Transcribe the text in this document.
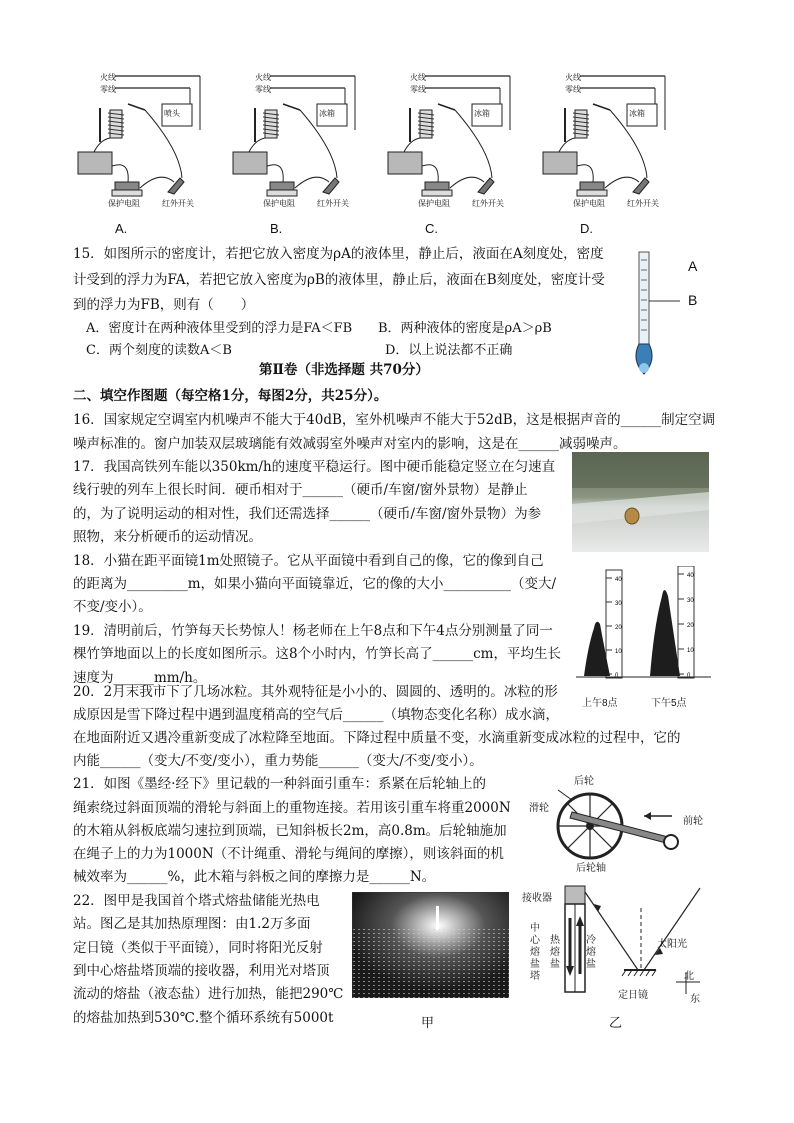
火线
零线
喷头
保护电阻	红外开关
A.
火线
零线
冰箱
保护电阻	红外开关
B.
火线
零线
冰箱
保护电阻	红外开关
C.
火线
零线
冰箱
保护电阻	红外开关
D.
15．如图所示的密度计，若把它放入密度为ρA的液体里，静止后，液面在A刻度处，密度
计受到的浮力为FA，若把它放入密度为ρB的液体里，静止后，液面在B刻度处，密度计受
到的浮力为FB，则有（　　）
A．密度计在两种液体里受到的浮力是FA＜FB B．两种液体的密度是ρA＞ρB
C．两个刻度的读数A＜B	D．以上说法都不正确
A
B
第Ⅱ卷（非选择题 共70分）
二、填空作图题（每空格1分，每图2分，共25分）。
16．国家规定空调室内机噪声不能大于40dB，室外机噪声不能大于52dB，这是根据声音的______制定空调
噪声标准的。窗户加装双层玻璃能有效减弱室外噪声对室内的影响，这是在______减弱噪声。
17．我国高铁列车能以350km/h的速度平稳运行。图中硬币能稳定竖立在匀速直
线行驶的列车上很长时间．硬币相对于______（硬币/车窗/窗外景物）是静止
的，为了说明运动的相对性，我们还需选择______（硬币/车窗/窗外景物）为参
照物，来分析硬币的运动情况。
18．小猫在距平面镜1m处照镜子。它从平面镜中看到自己的像，它的像到自己
的距离为_________m，如果小猫向平面镜靠近，它的像的大小__________（变大/
不变/变小）。
19．清明前后，竹笋每天长势惊人！杨老师在上午8点和下午4点分别测量了同一
棵竹笋地面以上的长度如图所示。这8个小时内，竹笋长高了______cm，平均生长
速度为______mm/h。	0
10
20
30
40
0
10
20
30
40
上午8点	下午5点
20．2月末我市下了几场冰粒。其外观特征是小小的、圆圆的、透明的。冰粒的形
成原因是雪下降过程中遇到温度稍高的空气后______（填物态变化名称）成水滴，
在地面附近又遇冷重新变成了冰粒降至地面。下降过程中质量不变，水滴重新变成冰粒的过程中，它的
内能______（变大/不变/变小），重力势能______（变大/不变/变小）。
21．如图《墨经·经下》里记载的一种斜面引重车：系紧在后轮轴上的
绳索绕过斜面顶端的滑轮与斜面上的重物连接。若用该引重车将重2000N
的木箱从斜板底端匀速拉到顶端，已知斜板长2m，高0.8m。后轮轴施加
在绳子上的力为1000N（不计绳重、滑轮与绳间的摩擦），则该斜面的机
械效率为______%，此木箱与斜板之间的摩擦力是______N。
后轮
滑轮
前轮
后轮轴
22．图甲是我国首个塔式熔盐储能光热电
站。图乙是其加热原理图：由1.2万多面
定日镜（类似于平面镜），同时将阳光反射
到中心熔盐塔顶端的接收器，利用光对塔顶
流动的熔盐（液态盐）进行加热，能把290℃
的熔盐加热到530℃.整个循环系统有5000t
接收器
中心熔盐塔
热熔盐
冷熔盐
太阳光
定日镜
北
东
甲	乙
